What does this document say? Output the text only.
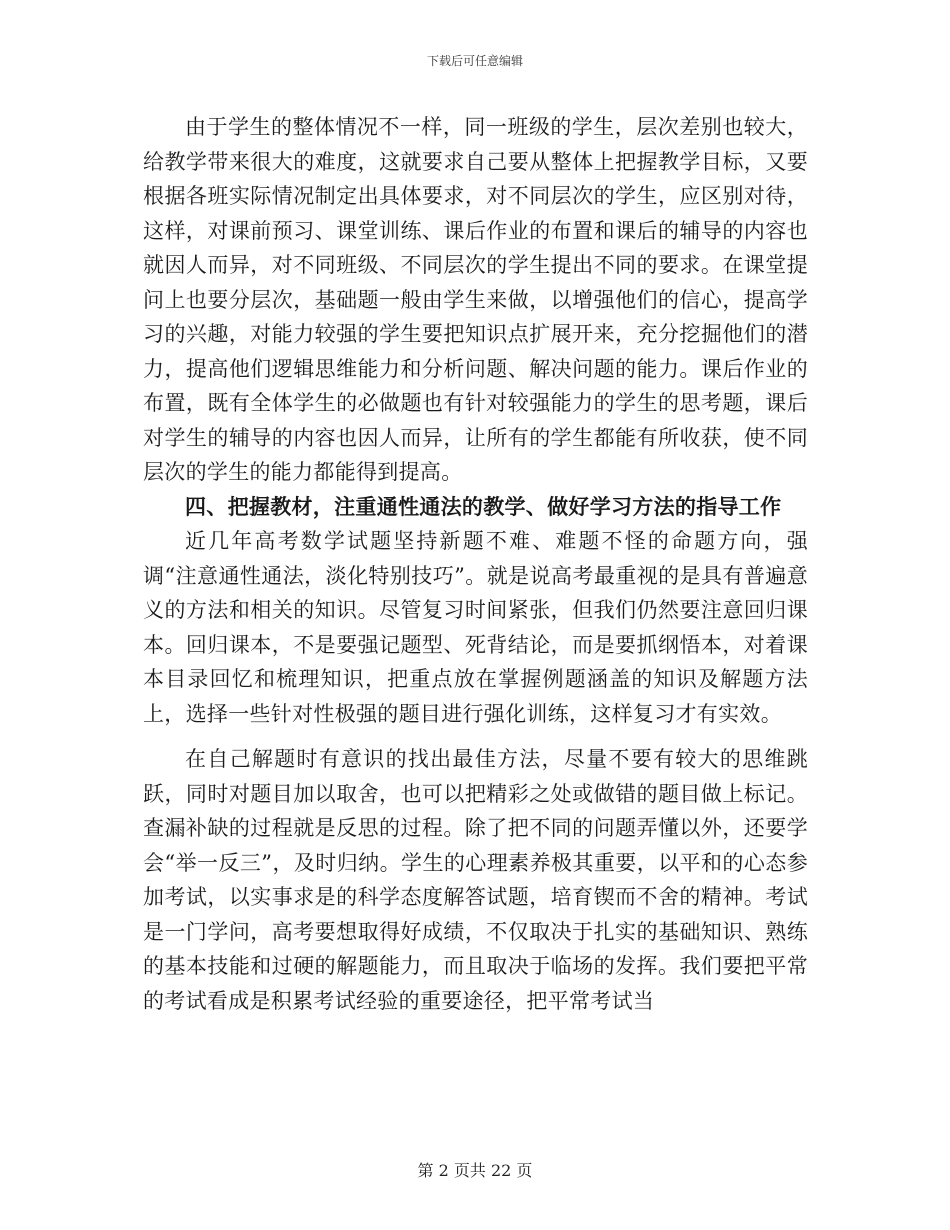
下载后可任意编辑

由于学生的整体情况不一样，同一班级的学生，层次差别也较大，给教学带来很大的难度，这就要求自己要从整体上把握教学目标，又要根据各班实际情况制定出具体要求，对不同层次的学生，应区别对待，这样，对课前预习、课堂训练、课后作业的布置和课后的辅导的内容也就因人而异，对不同班级、不同层次的学生提出不同的要求。在课堂提问上也要分层次，基础题一般由学生来做，以增强他们的信心，提高学习的兴趣，对能力较强的学生要把知识点扩展开来，充分挖掘他们的潜力，提高他们逻辑思维能力和分析问题、解决问题的能力。课后作业的布置，既有全体学生的必做题也有针对较强能力的学生的思考题，课后对学生的辅导的内容也因人而异，让所有的学生都能有所收获，使不同层次的学生的能力都能得到提高。

四、把握教材，注重通性通法的教学、做好学习方法的指导工作

近几年高考数学试题坚持新题不难、难题不怪的命题方向，强调“注意通性通法，淡化特别技巧”。就是说高考最重视的是具有普遍意义的方法和相关的知识。尽管复习时间紧张，但我们仍然要注意回归课本。回归课本，不是要强记题型、死背结论，而是要抓纲悟本，对着课本目录回忆和梳理知识，把重点放在掌握例题涵盖的知识及解题方法上，选择一些针对性极强的题目进行强化训练，这样复习才有实效。

在自己解题时有意识的找出最佳方法，尽量不要有较大的思维跳跃，同时对题目加以取舍，也可以把精彩之处或做错的题目做上标记。查漏补缺的过程就是反思的过程。除了把不同的问题弄懂以外，还要学会“举一反三”，及时归纳。学生的心理素养极其重要，以平和的心态参加考试，以实事求是的科学态度解答试题，培育锲而不舍的精神。考试是一门学问，高考要想取得好成绩，不仅取决于扎实的基础知识、熟练的基本技能和过硬的解题能力，而且取决于临场的发挥。我们要把平常的考试看成是积累考试经验的重要途径，把平常考试当

第 2 页共 22 页
